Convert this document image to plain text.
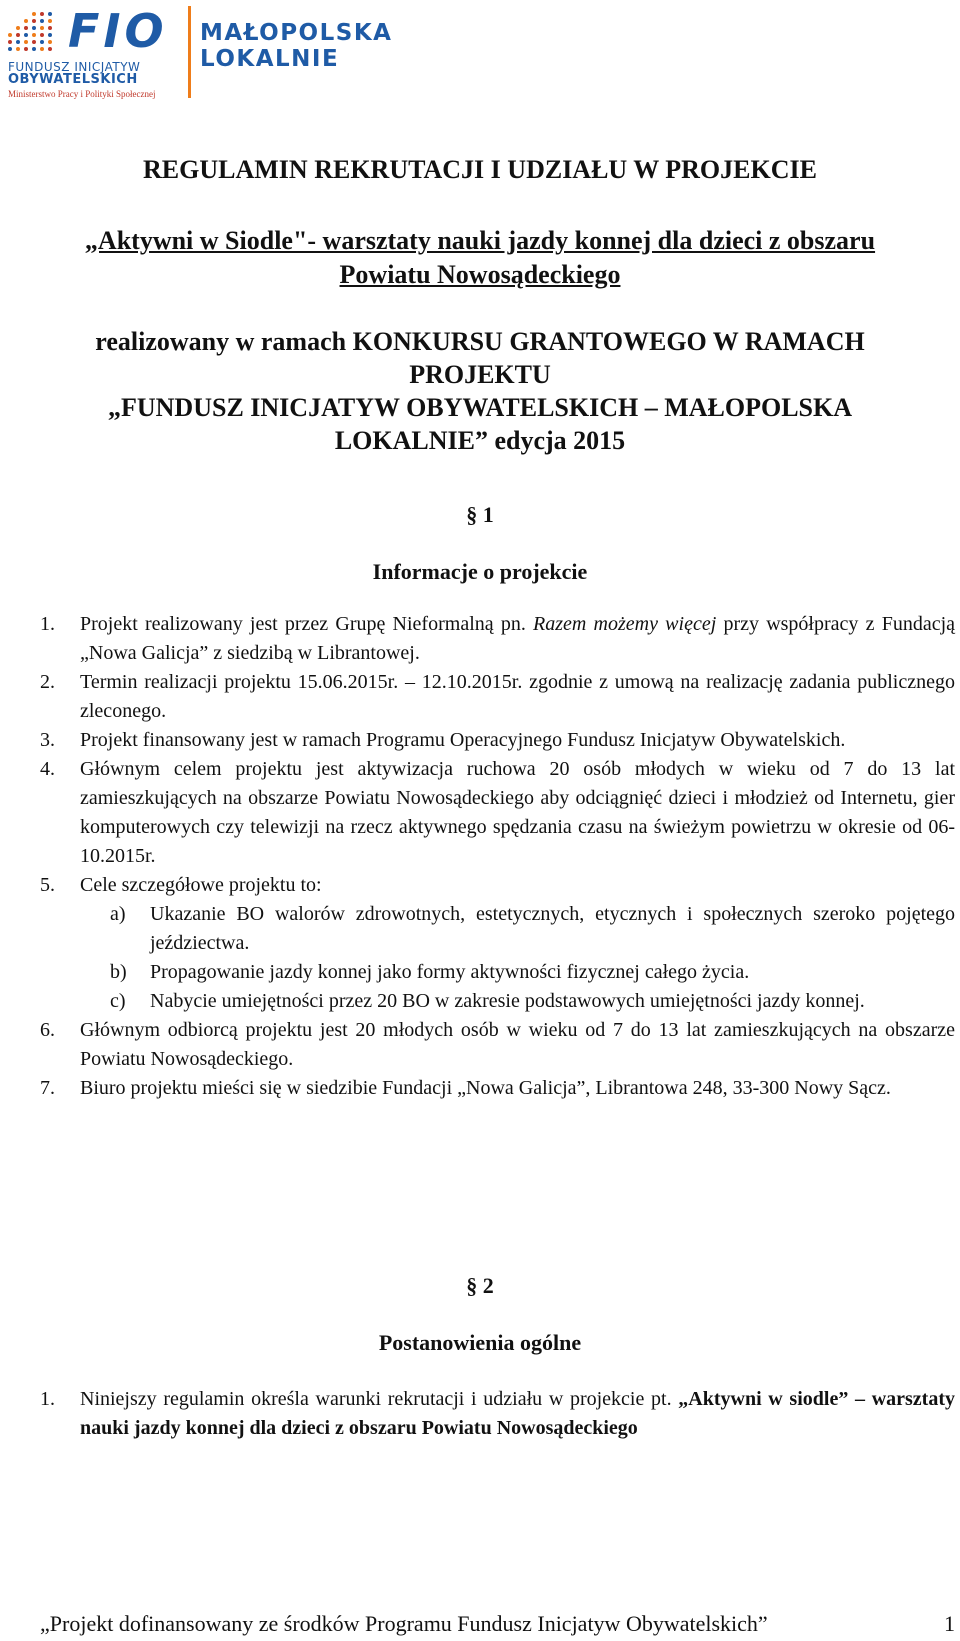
FIO
FUNDUSZ INICJATYW
OBYWATELSKICH
Ministerstwo Pracy i Polityki Społecznej
MAŁOPOLSKA
LOKALNIE
REGULAMIN REKRUTACJI I UDZIAŁU W PROJEKCIE
„Aktywni w Siodle"- warsztaty nauki jazdy konnej dla dzieci z obszaru
Powiatu Nowosądeckiego
realizowany w ramach KONKURSU GRANTOWEGO W RAMACH
PROJEKTU
„FUNDUSZ INICJATYW OBYWATELSKICH – MAŁOPOLSKA
LOKALNIE” edycja 2015
§ 1
Informacje o projekcie
1.	Projekt realizowany jest przez Grupę Nieformalną pn. Razem możemy więcej przy współpracy z Fundacją „Nowa Galicja” z siedzibą w Librantowej.
2.	Termin realizacji projektu 15.06.2015r. – 12.10.2015r. zgodnie z umową na realizację zadania publicznego zleconego.
3.	Projekt finansowany jest w ramach Programu Operacyjnego Fundusz Inicjatyw Obywatelskich.
4.	Głównym celem projektu jest aktywizacja ruchowa 20 osób młodych w wieku od 7 do 13 lat zamieszkujących na obszarze Powiatu Nowosądeckiego aby odciągnięć dzieci i młodzież od Internetu, gier komputerowych czy telewizji na rzecz aktywnego spędzania czasu na świeżym powietrzu w okresie od 06-10.2015r.
5.	Cele szczegółowe projektu to:
a)	Ukazanie BO walorów zdrowotnych, estetycznych, etycznych i społecznych szeroko pojętego jeździectwa.
b)	Propagowanie jazdy konnej jako formy aktywności fizycznej całego życia.
c)	Nabycie umiejętności przez 20 BO w zakresie podstawowych umiejętności jazdy konnej.
6.	Głównym odbiorcą projektu jest 20 młodych osób w wieku od 7 do 13 lat zamieszkujących na obszarze Powiatu Nowosądeckiego.
7.	Biuro projektu mieści się w siedzibie Fundacji „Nowa Galicja”, Librantowa 248, 33-300 Nowy Sącz.
§ 2
Postanowienia ogólne
1.	Niniejszy regulamin określa warunki rekrutacji i udziału w projekcie pt. „Aktywni w siodle” – warsztaty nauki jazdy konnej dla dzieci z obszaru Powiatu Nowosądeckiego
„Projekt dofinansowany ze środków Programu Fundusz Inicjatyw Obywatelskich”	1
